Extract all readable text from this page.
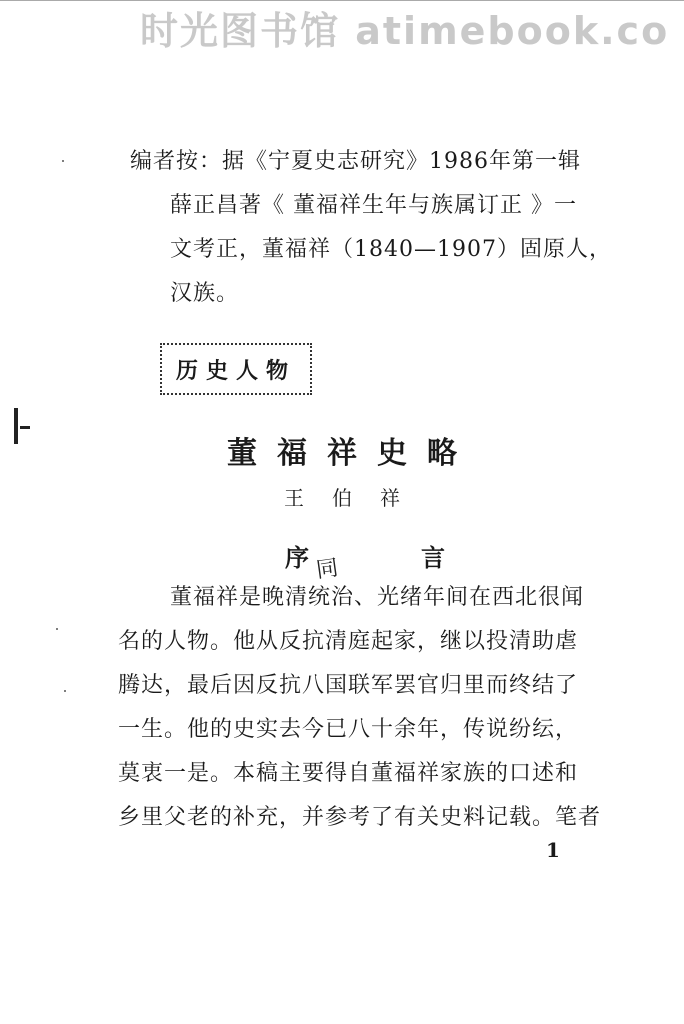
时光图书馆 atimebook.co
编者按：据《宁夏史志研究》1986年第一辑
薛正昌著《 董福祥生年与族属订正 》一
文考正，董福祥（1840—1907）固原人，
汉族。
历史人物
董福祥史略
王伯祥
序	言
同
董福祥是晚清统治、光绪年间在西北很闻
名的人物。他从反抗清庭起家，继以投清助虐
腾达，最后因反抗八国联军罢官归里而终结了
一生。他的史实去今已八十余年，传说纷纭，
莫衷一是。本稿主要得自董福祥家族的口述和
乡里父老的补充，并参考了有关史料记载。笔者
1
